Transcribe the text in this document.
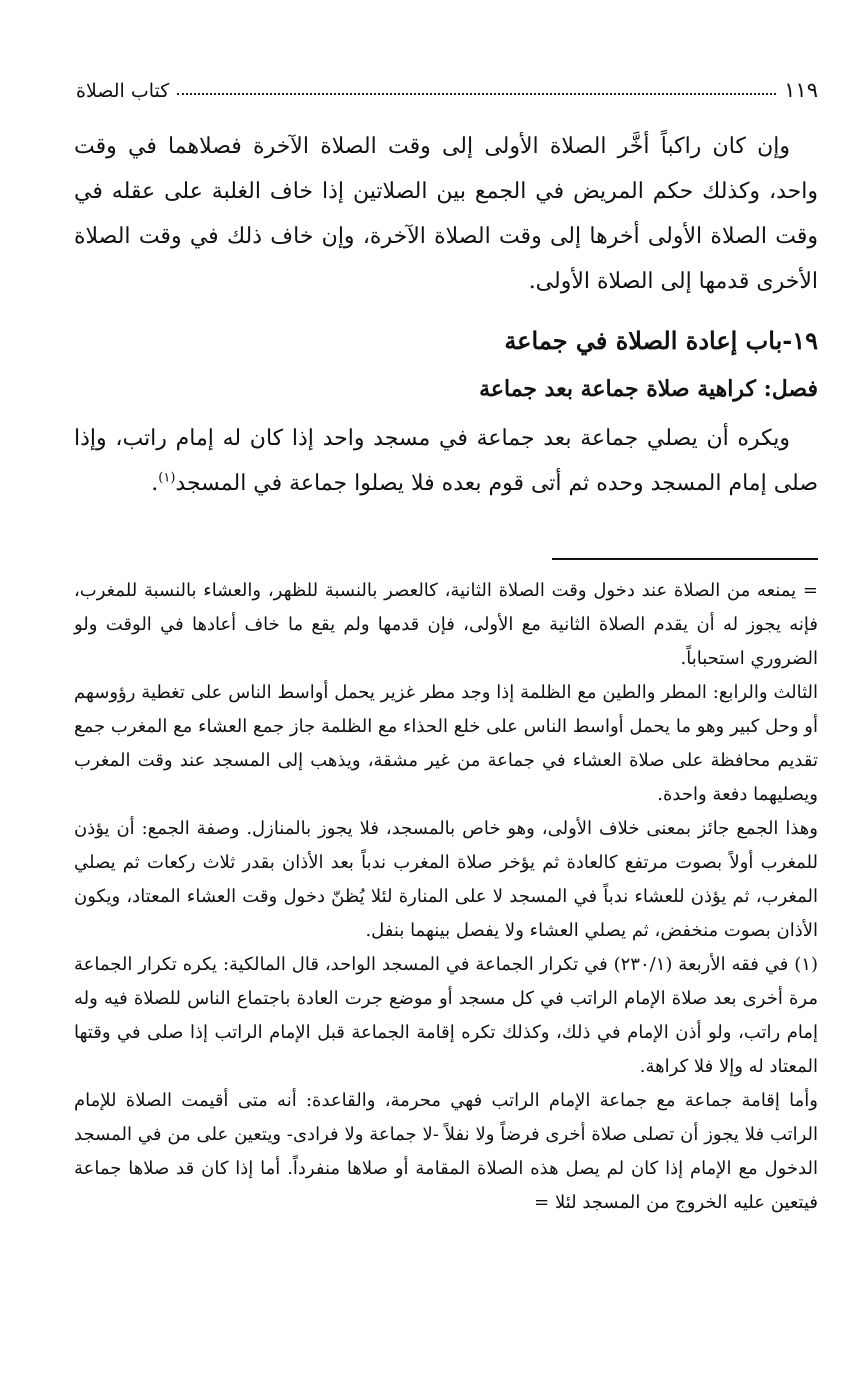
١١٩
كتاب الصلاة

وإن كان راكباً أخَّر الصلاة الأولى إلى وقت الصلاة الآخرة فصلاهما في وقت واحد، وكذلك حكم المريض في الجمع بين الصلاتين إذا خاف الغلبة على عقله في وقت الصلاة الأولى أخرها إلى وقت الصلاة الآخرة، وإن خاف ذلك في وقت الصلاة الأخرى قدمها إلى الصلاة الأولى.

١٩-باب إعادة الصلاة في جماعة
فصل: كراهية صلاة جماعة بعد جماعة

ويكره أن يصلي جماعة بعد جماعة في مسجد واحد إذا كان له إمام راتب، وإذا صلى إمام المسجد وحده ثم أتى قوم بعده فلا يصلوا جماعة في المسجد$^{(١)}$.

= يمنعه من الصلاة عند دخول وقت الصلاة الثانية، كالعصر بالنسبة للظهر، والعشاء بالنسبة للمغرب، فإنه يجوز له أن يقدم الصلاة الثانية مع الأولى، فإن قدمها ولم يقع ما خاف أعادها في الوقت ولو الضروري استحباباً.

الثالث والرابع: المطر والطين مع الظلمة إذا وجد مطر غزير يحمل أواسط الناس على تغطية رؤوسهم أو وحل كبير وهو ما يحمل أواسط الناس على خلع الحذاء مع الظلمة جاز جمع العشاء مع المغرب جمع تقديم محافظة على صلاة العشاء في جماعة من غير مشقة، ويذهب إلى المسجد عند وقت المغرب ويصليهما دفعة واحدة.

وهذا الجمع جائز بمعنى خلاف الأولى، وهو خاص بالمسجد، فلا يجوز بالمنازل. وصفة الجمع: أن يؤذن للمغرب أولاً بصوت مرتفع كالعادة ثم يؤخر صلاة المغرب ندباً بعد الأذان بقدر ثلاث ركعات ثم يصلي المغرب، ثم يؤذن للعشاء ندباً في المسجد لا على المنارة لئلا يُظنّ دخول وقت العشاء المعتاد، ويكون الأذان بصوت منخفض، ثم يصلي العشاء ولا يفصل بينهما بنفل.

(١) في فقه الأربعة (٢٣٠/١) في تكرار الجماعة في المسجد الواحد، قال المالكية: يكره تكرار الجماعة مرة أخرى بعد صلاة الإمام الراتب في كل مسجد أو موضع جرت العادة باجتماع الناس للصلاة فيه وله إمام راتب، ولو أذن الإمام في ذلك، وكذلك تكره إقامة الجماعة قبل الإمام الراتب إذا صلى في وقتها المعتاد له وإلا فلا كراهة.

وأما إقامة جماعة مع جماعة الإمام الراتب فهي محرمة، والقاعدة: أنه متى أقيمت الصلاة للإمام الراتب فلا يجوز أن تصلى صلاة أخرى فرضاً ولا نفلاً -لا جماعة ولا فرادى- ويتعين على من في المسجد الدخول مع الإمام إذا كان لم يصل هذه الصلاة المقامة أو صلاها منفرداً. أما إذا كان قد صلاها جماعة فيتعين عليه الخروج من المسجد لئلا =
